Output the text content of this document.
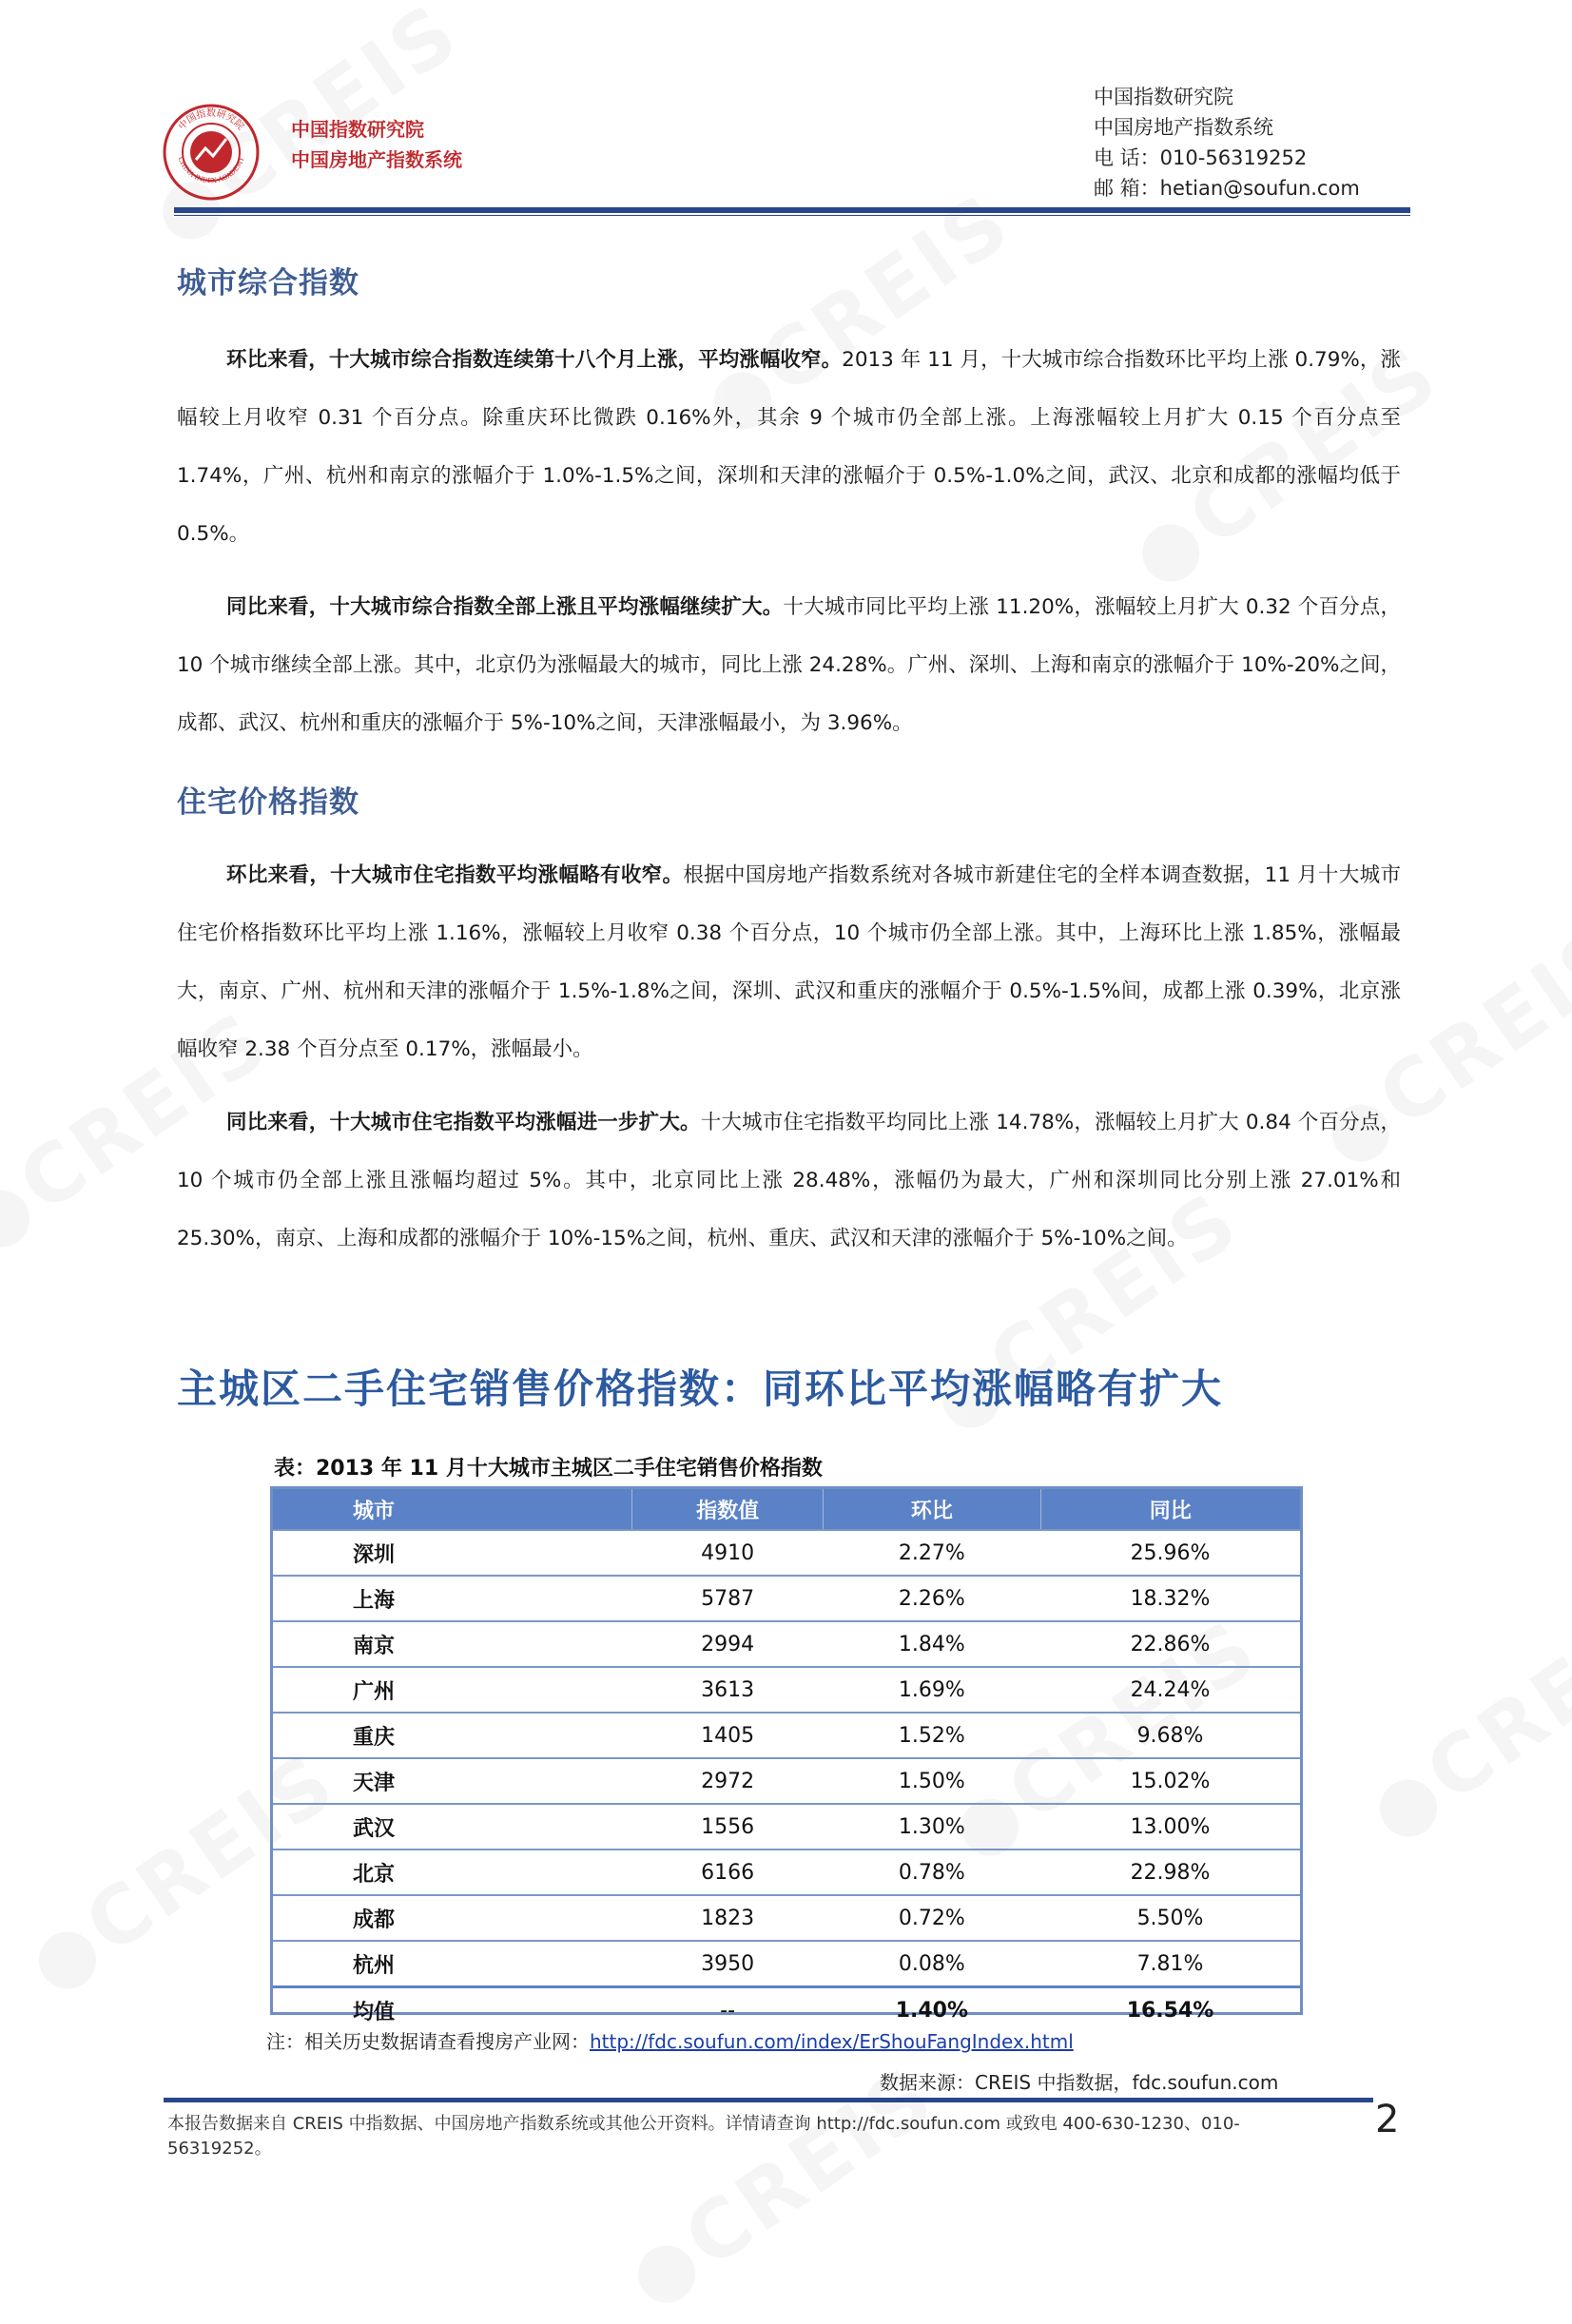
中国指数研究院
CHINA INDEX ACADEMY
中国指数研究院
中国房地产指数系统
中国指数研究院
中国房地产指数系统
电 话：010-56319252
邮 箱：hetian@soufun.com
城市综合指数

环比来看，十大城市综合指数连续第十八个月上涨，平均涨幅收窄。2013 年 11 月，十大城市综合指数环比平均上涨 0.79%，涨幅较上月收窄 0.31 个百分点。除重庆环比微跌 0.16%外，其余 9 个城市仍全部上涨。上海涨幅较上月扩大 0.15 个百分点至 1.74%，广州、杭州和南京的涨幅介于 1.0%-1.5%之间，深圳和天津的涨幅介于 0.5%-1.0%之间，武汉、北京和成都的涨幅均低于 0.5%。

同比来看，十大城市综合指数全部上涨且平均涨幅继续扩大。十大城市同比平均上涨 11.20%，涨幅较上月扩大 0.32 个百分点，10 个城市继续全部上涨。其中，北京仍为涨幅最大的城市，同比上涨 24.28%。广州、深圳、上海和南京的涨幅介于 10%-20%之间，成都、武汉、杭州和重庆的涨幅介于 5%-10%之间，天津涨幅最小，为 3.96%。

住宅价格指数

环比来看，十大城市住宅指数平均涨幅略有收窄。根据中国房地产指数系统对各城市新建住宅的全样本调查数据，11 月十大城市住宅价格指数环比平均上涨 1.16%，涨幅较上月收窄 0.38 个百分点，10 个城市仍全部上涨。其中，上海环比上涨 1.85%，涨幅最大，南京、广州、杭州和天津的涨幅介于 1.5%-1.8%之间，深圳、武汉和重庆的涨幅介于 0.5%-1.5%间，成都上涨 0.39%，北京涨幅收窄 2.38 个百分点至 0.17%，涨幅最小。

同比来看，十大城市住宅指数平均涨幅进一步扩大。十大城市住宅指数平均同比上涨 14.78%，涨幅较上月扩大 0.84 个百分点，10 个城市仍全部上涨且涨幅均超过 5%。其中，北京同比上涨 28.48%，涨幅仍为最大，广州和深圳同比分别上涨 27.01%和 25.30%，南京、上海和成都的涨幅介于 10%-15%之间，杭州、重庆、武汉和天津的涨幅介于 5%-10%之间。

主城区二手住宅销售价格指数：同环比平均涨幅略有扩大
表：2013 年 11 月十大城市主城区二手住宅销售价格指数
城市	指数值	环比	同比
深圳	4910	2.27%	25.96%
上海	5787	2.26%	18.32%
南京	2994	1.84%	22.86%
广州	3613	1.69%	24.24%
重庆	1405	1.52%	9.68%
天津	2972	1.50%	15.02%
武汉	1556	1.30%	13.00%
北京	6166	0.78%	22.98%
成都	1823	0.72%	5.50%
杭州	3950	0.08%	7.81%
均值	--	1.40%	16.54%
注：相关历史数据请查看搜房产业网：http://fdc.soufun.com/index/ErShouFangIndex.html
数据来源：CREIS 中指数据，fdc.soufun.com
本报告数据来自 CREIS 中指数据、中国房地产指数系统或其他公开资料。详情请查询 http://fdc.soufun.com 或致电 400-630-1230、010-56319252。
2
